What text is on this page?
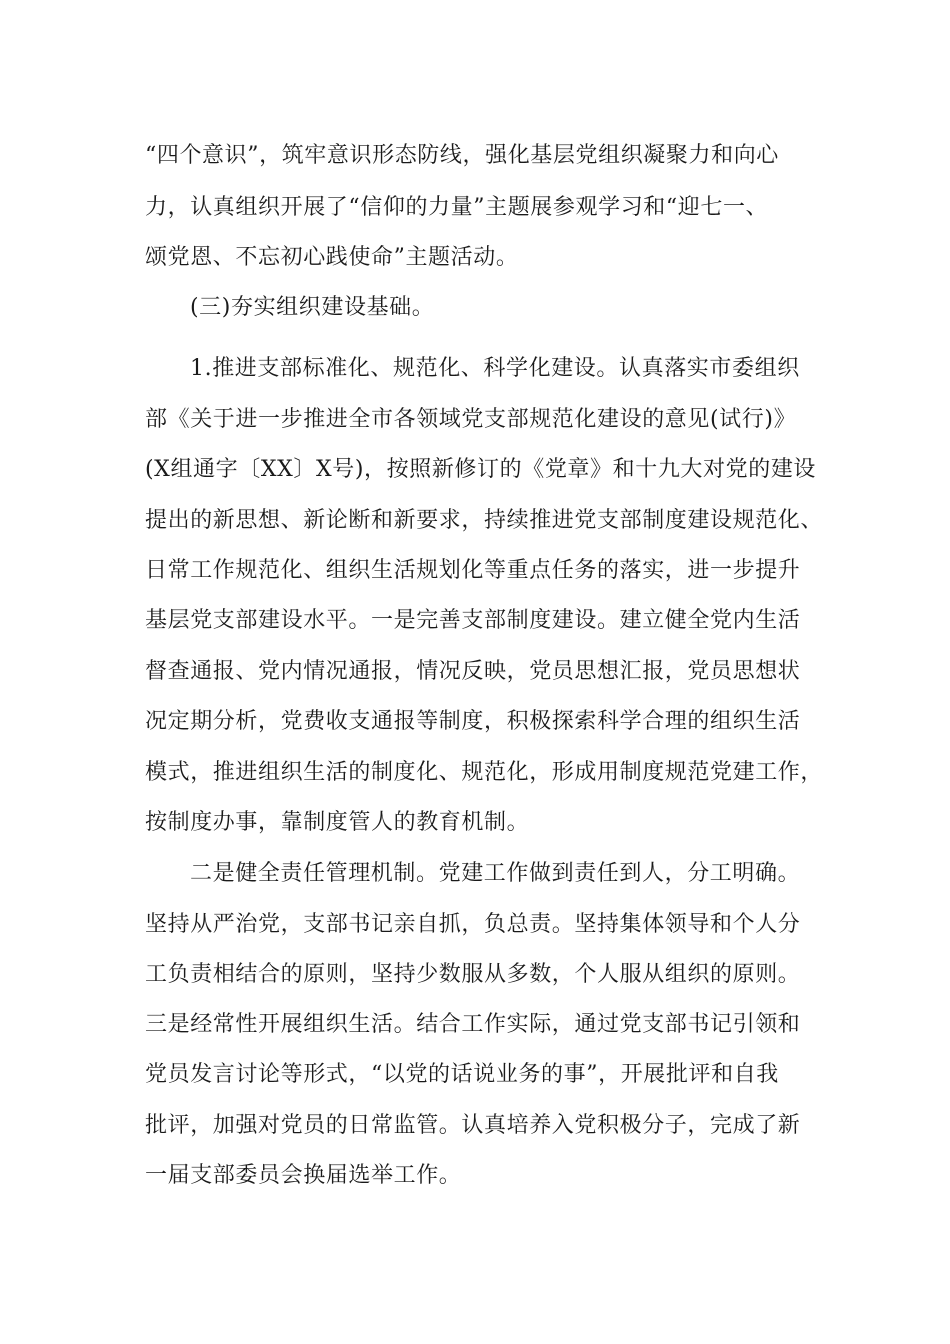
“四个意识”，筑牢意识形态防线，强化基层党组织凝聚力和向心
力，认真组织开展了“信仰的力量”主题展参观学习和“迎七一、
颂党恩、不忘初心践使命”主题活动。
(三)夯实组织建设基础。
1.推进支部标准化、规范化、科学化建设。认真落实市委组织
部《关于进一步推进全市各领域党支部规范化建设的意见(试行)》
(X组通字〔XX〕X号)，按照新修订的《党章》和十九大对党的建设
提出的新思想、新论断和新要求，持续推进党支部制度建设规范化、
日常工作规范化、组织生活规划化等重点任务的落实，进一步提升
基层党支部建设水平。一是完善支部制度建设。建立健全党内生活
督查通报、党内情况通报，情况反映，党员思想汇报，党员思想状
况定期分析，党费收支通报等制度，积极探索科学合理的组织生活
模式，推进组织生活的制度化、规范化，形成用制度规范党建工作，
按制度办事，靠制度管人的教育机制。
二是健全责任管理机制。党建工作做到责任到人，分工明确。
坚持从严治党，支部书记亲自抓，负总责。坚持集体领导和个人分
工负责相结合的原则，坚持少数服从多数，个人服从组织的原则。
三是经常性开展组织生活。结合工作实际，通过党支部书记引领和
党员发言讨论等形式，“以党的话说业务的事”，开展批评和自我
批评，加强对党员的日常监管。认真培养入党积极分子，完成了新
一届支部委员会换届选举工作。
